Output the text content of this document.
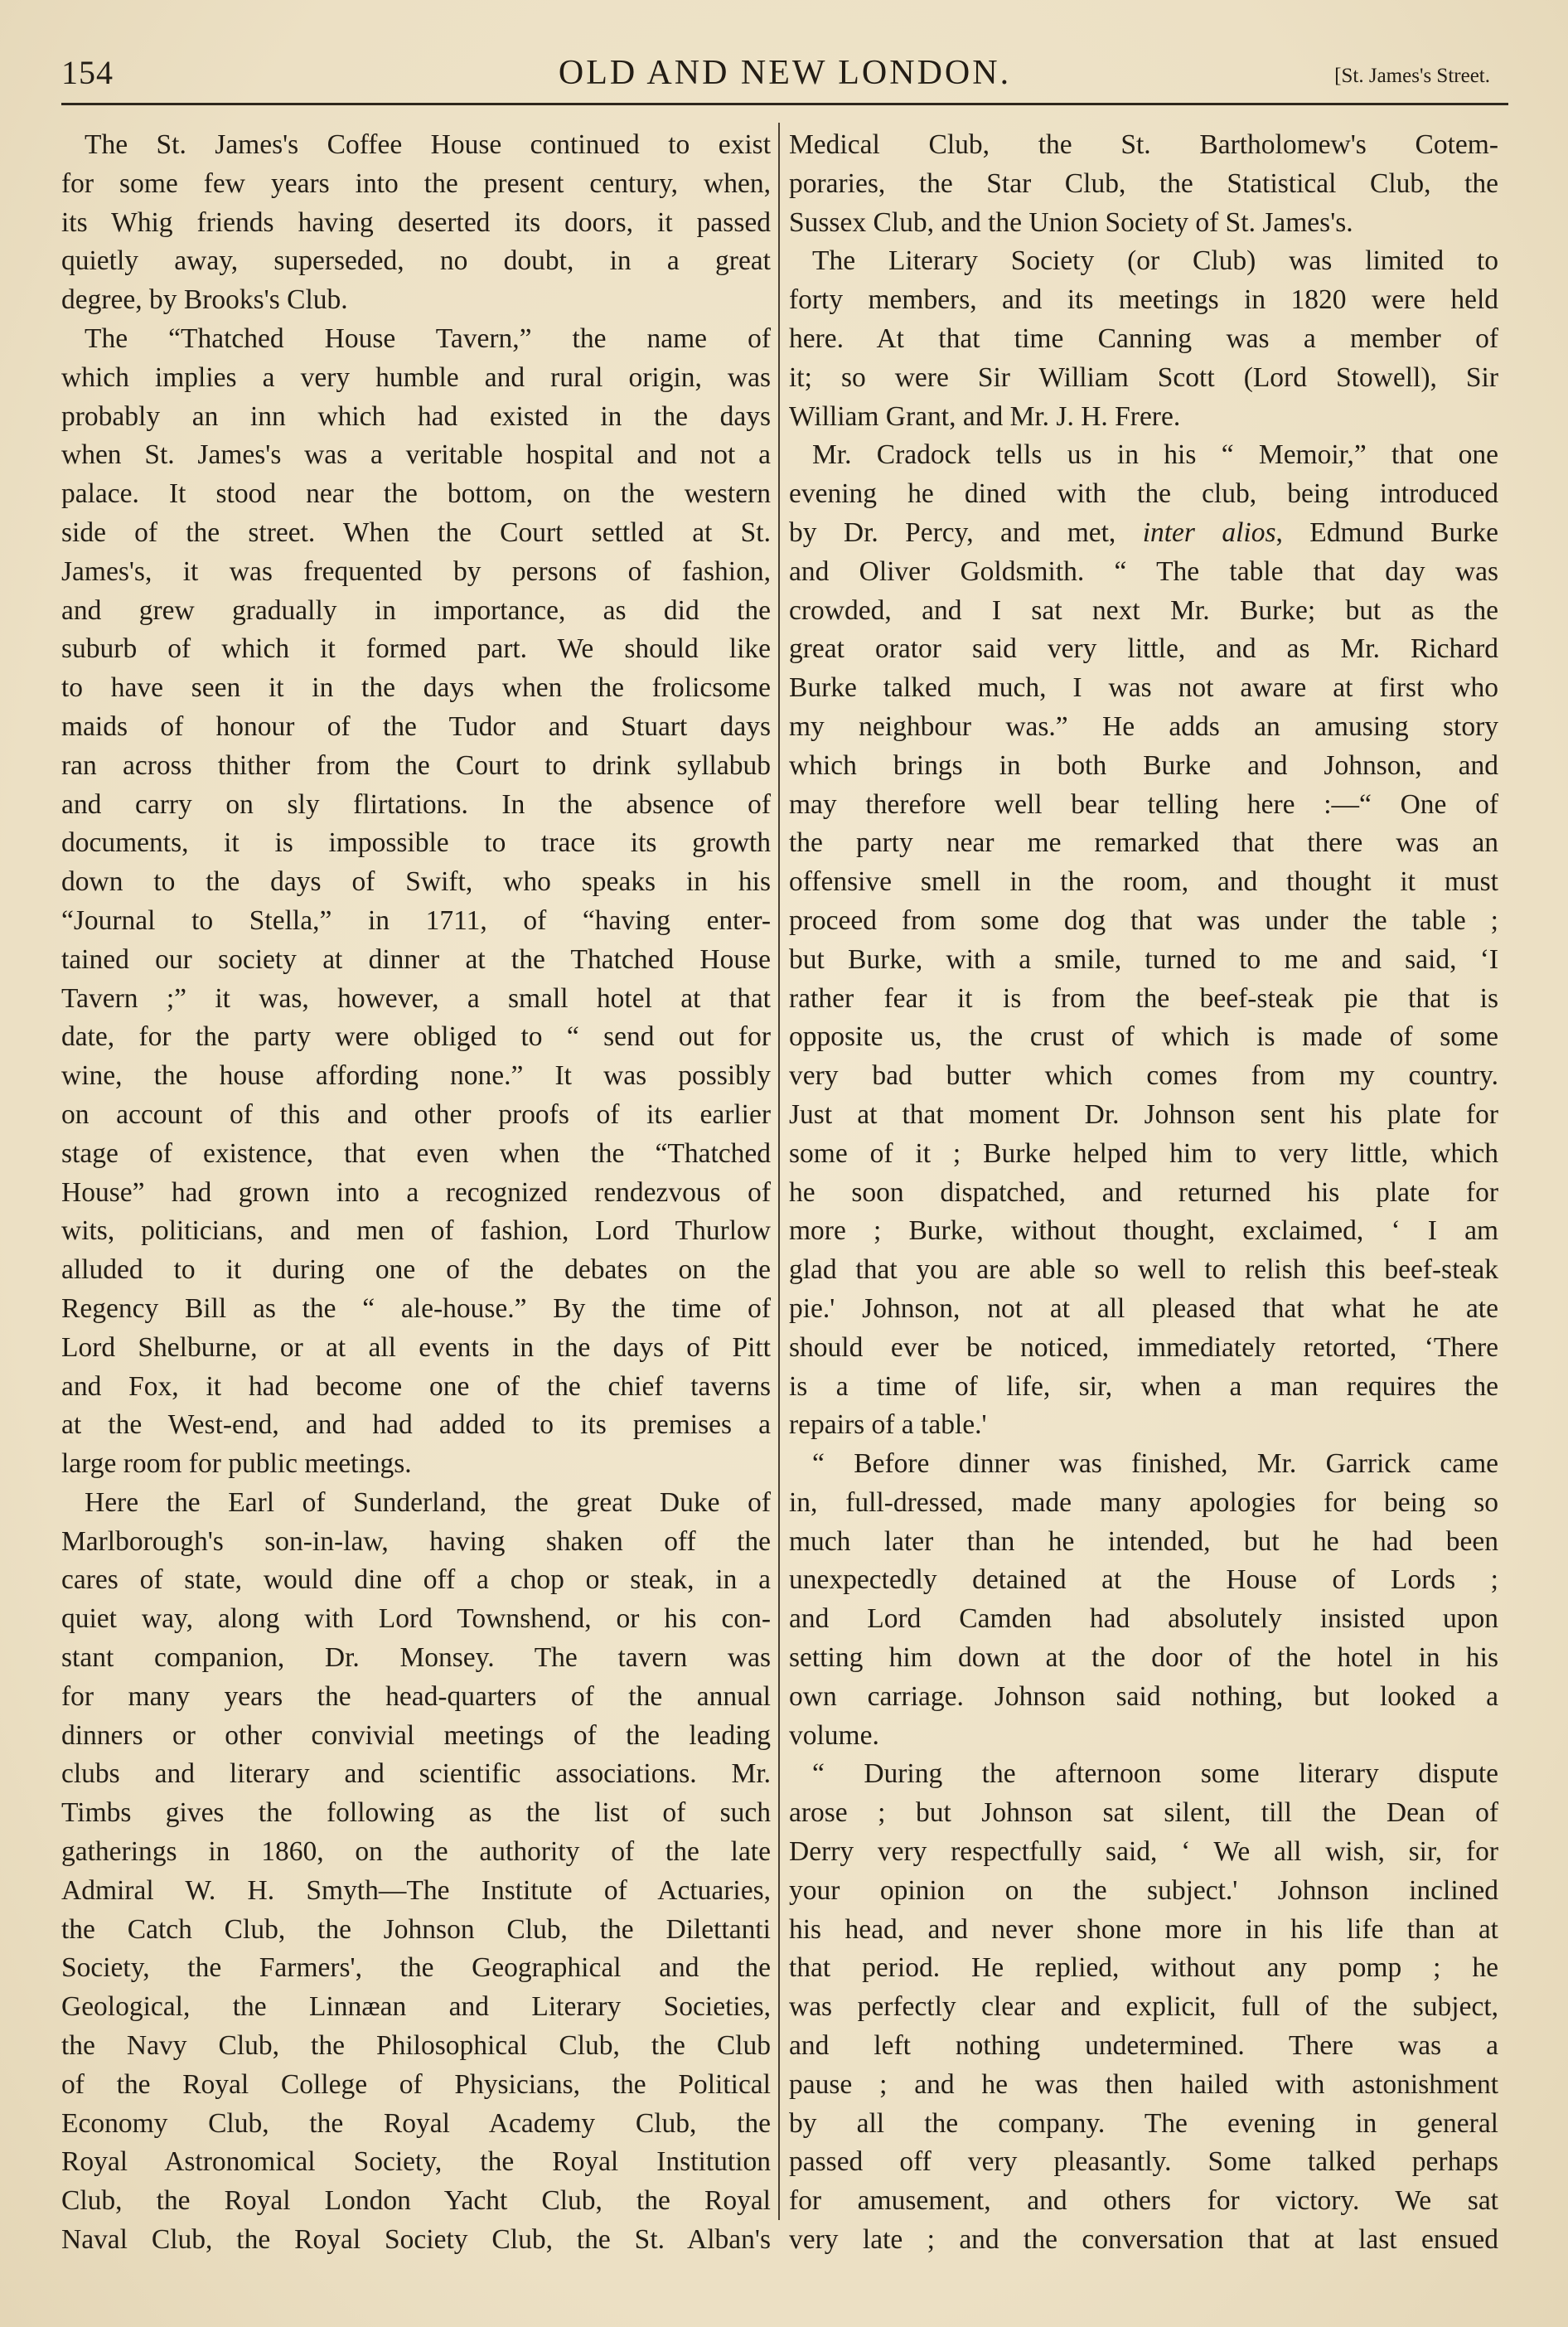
154	OLD AND NEW LONDON.	[St. James's Street.
The St. James's Coffee House continued to exist
for some few years into the present century, when,
its Whig friends having deserted its doors, it passed
quietly away, superseded, no doubt, in a great
degree, by Brooks's Club.
The “Thatched House Tavern,” the name of
which implies a very humble and rural origin, was
probably an inn which had existed in the days
when St. James's was a veritable hospital and not a
palace. It stood near the bottom, on the western
side of the street. When the Court settled at St.
James's, it was frequented by persons of fashion,
and grew gradually in importance, as did the
suburb of which it formed part. We should like
to have seen it in the days when the frolicsome
maids of honour of the Tudor and Stuart days
ran across thither from the Court to drink syllabub
and carry on sly flirtations. In the absence of
documents, it is impossible to trace its growth
down to the days of Swift, who speaks in his
“Journal to Stella,” in 1711, of “having enter-
tained our society at dinner at the Thatched House
Tavern ;” it was, however, a small hotel at that
date, for the party were obliged to “ send out for
wine, the house affording none.” It was possibly
on account of this and other proofs of its earlier
stage of existence, that even when the “Thatched
House” had grown into a recognized rendezvous of
wits, politicians, and men of fashion, Lord Thurlow
alluded to it during one of the debates on the
Regency Bill as the “ ale-house.” By the time of
Lord Shelburne, or at all events in the days of Pitt
and Fox, it had become one of the chief taverns
at the West-end, and had added to its premises a
large room for public meetings.
Here the Earl of Sunderland, the great Duke of
Marlborough's son-in-law, having shaken off the
cares of state, would dine off a chop or steak, in a
quiet way, along with Lord Townshend, or his con-
stant companion, Dr. Monsey. The tavern was
for many years the head-quarters of the annual
dinners or other convivial meetings of the leading
clubs and literary and scientific associations. Mr.
Timbs gives the following as the list of such
gatherings in 1860, on the authority of the late
Admiral W. H. Smyth—The Institute of Actuaries,
the Catch Club, the Johnson Club, the Dilettanti
Society, the Farmers', the Geographical and the
Geological, the Linnæan and Literary Societies,
the Navy Club, the Philosophical Club, the Club
of the Royal College of Physicians, the Political
Economy Club, the Royal Academy Club, the
Royal Astronomical Society, the Royal Institution
Club, the Royal London Yacht Club, the Royal
Naval Club, the Royal Society Club, the St. Alban's
Medical Club, the St. Bartholomew's Cotem-
poraries, the Star Club, the Statistical Club, the
Sussex Club, and the Union Society of St. James's.
The Literary Society (or Club) was limited to
forty members, and its meetings in 1820 were held
here. At that time Canning was a member of
it; so were Sir William Scott (Lord Stowell), Sir
William Grant, and Mr. J. H. Frere.
Mr. Cradock tells us in his “ Memoir,” that one
evening he dined with the club, being introduced
by Dr. Percy, and met, inter alios, Edmund Burke
and Oliver Goldsmith. “ The table that day was
crowded, and I sat next Mr. Burke; but as the
great orator said very little, and as Mr. Richard
Burke talked much, I was not aware at first who
my neighbour was.” He adds an amusing story
which brings in both Burke and Johnson, and
may therefore well bear telling here :—“ One of
the party near me remarked that there was an
offensive smell in the room, and thought it must
proceed from some dog that was under the table ;
but Burke, with a smile, turned to me and said, ‘I
rather fear it is from the beef-steak pie that is
opposite us, the crust of which is made of some
very bad butter which comes from my country.
Just at that moment Dr. Johnson sent his plate for
some of it ; Burke helped him to very little, which
he soon dispatched, and returned his plate for
more ; Burke, without thought, exclaimed, ‘ I am
glad that you are able so well to relish this beef-steak
pie.' Johnson, not at all pleased that what he ate
should ever be noticed, immediately retorted, ‘There
is a time of life, sir, when a man requires the
repairs of a table.'
“ Before dinner was finished, Mr. Garrick came
in, full-dressed, made many apologies for being so
much later than he intended, but he had been
unexpectedly detained at the House of Lords ;
and Lord Camden had absolutely insisted upon
setting him down at the door of the hotel in his
own carriage. Johnson said nothing, but looked a
volume.
“ During the afternoon some literary dispute
arose ; but Johnson sat silent, till the Dean of
Derry very respectfully said, ‘ We all wish, sir, for
your opinion on the subject.' Johnson inclined
his head, and never shone more in his life than at
that period. He replied, without any pomp ; he
was perfectly clear and explicit, full of the subject,
and left nothing undetermined. There was a
pause ; and he was then hailed with astonishment
by all the company. The evening in general
passed off very pleasantly. Some talked perhaps
for amusement, and others for victory. We sat
very late ; and the conversation that at last ensued
